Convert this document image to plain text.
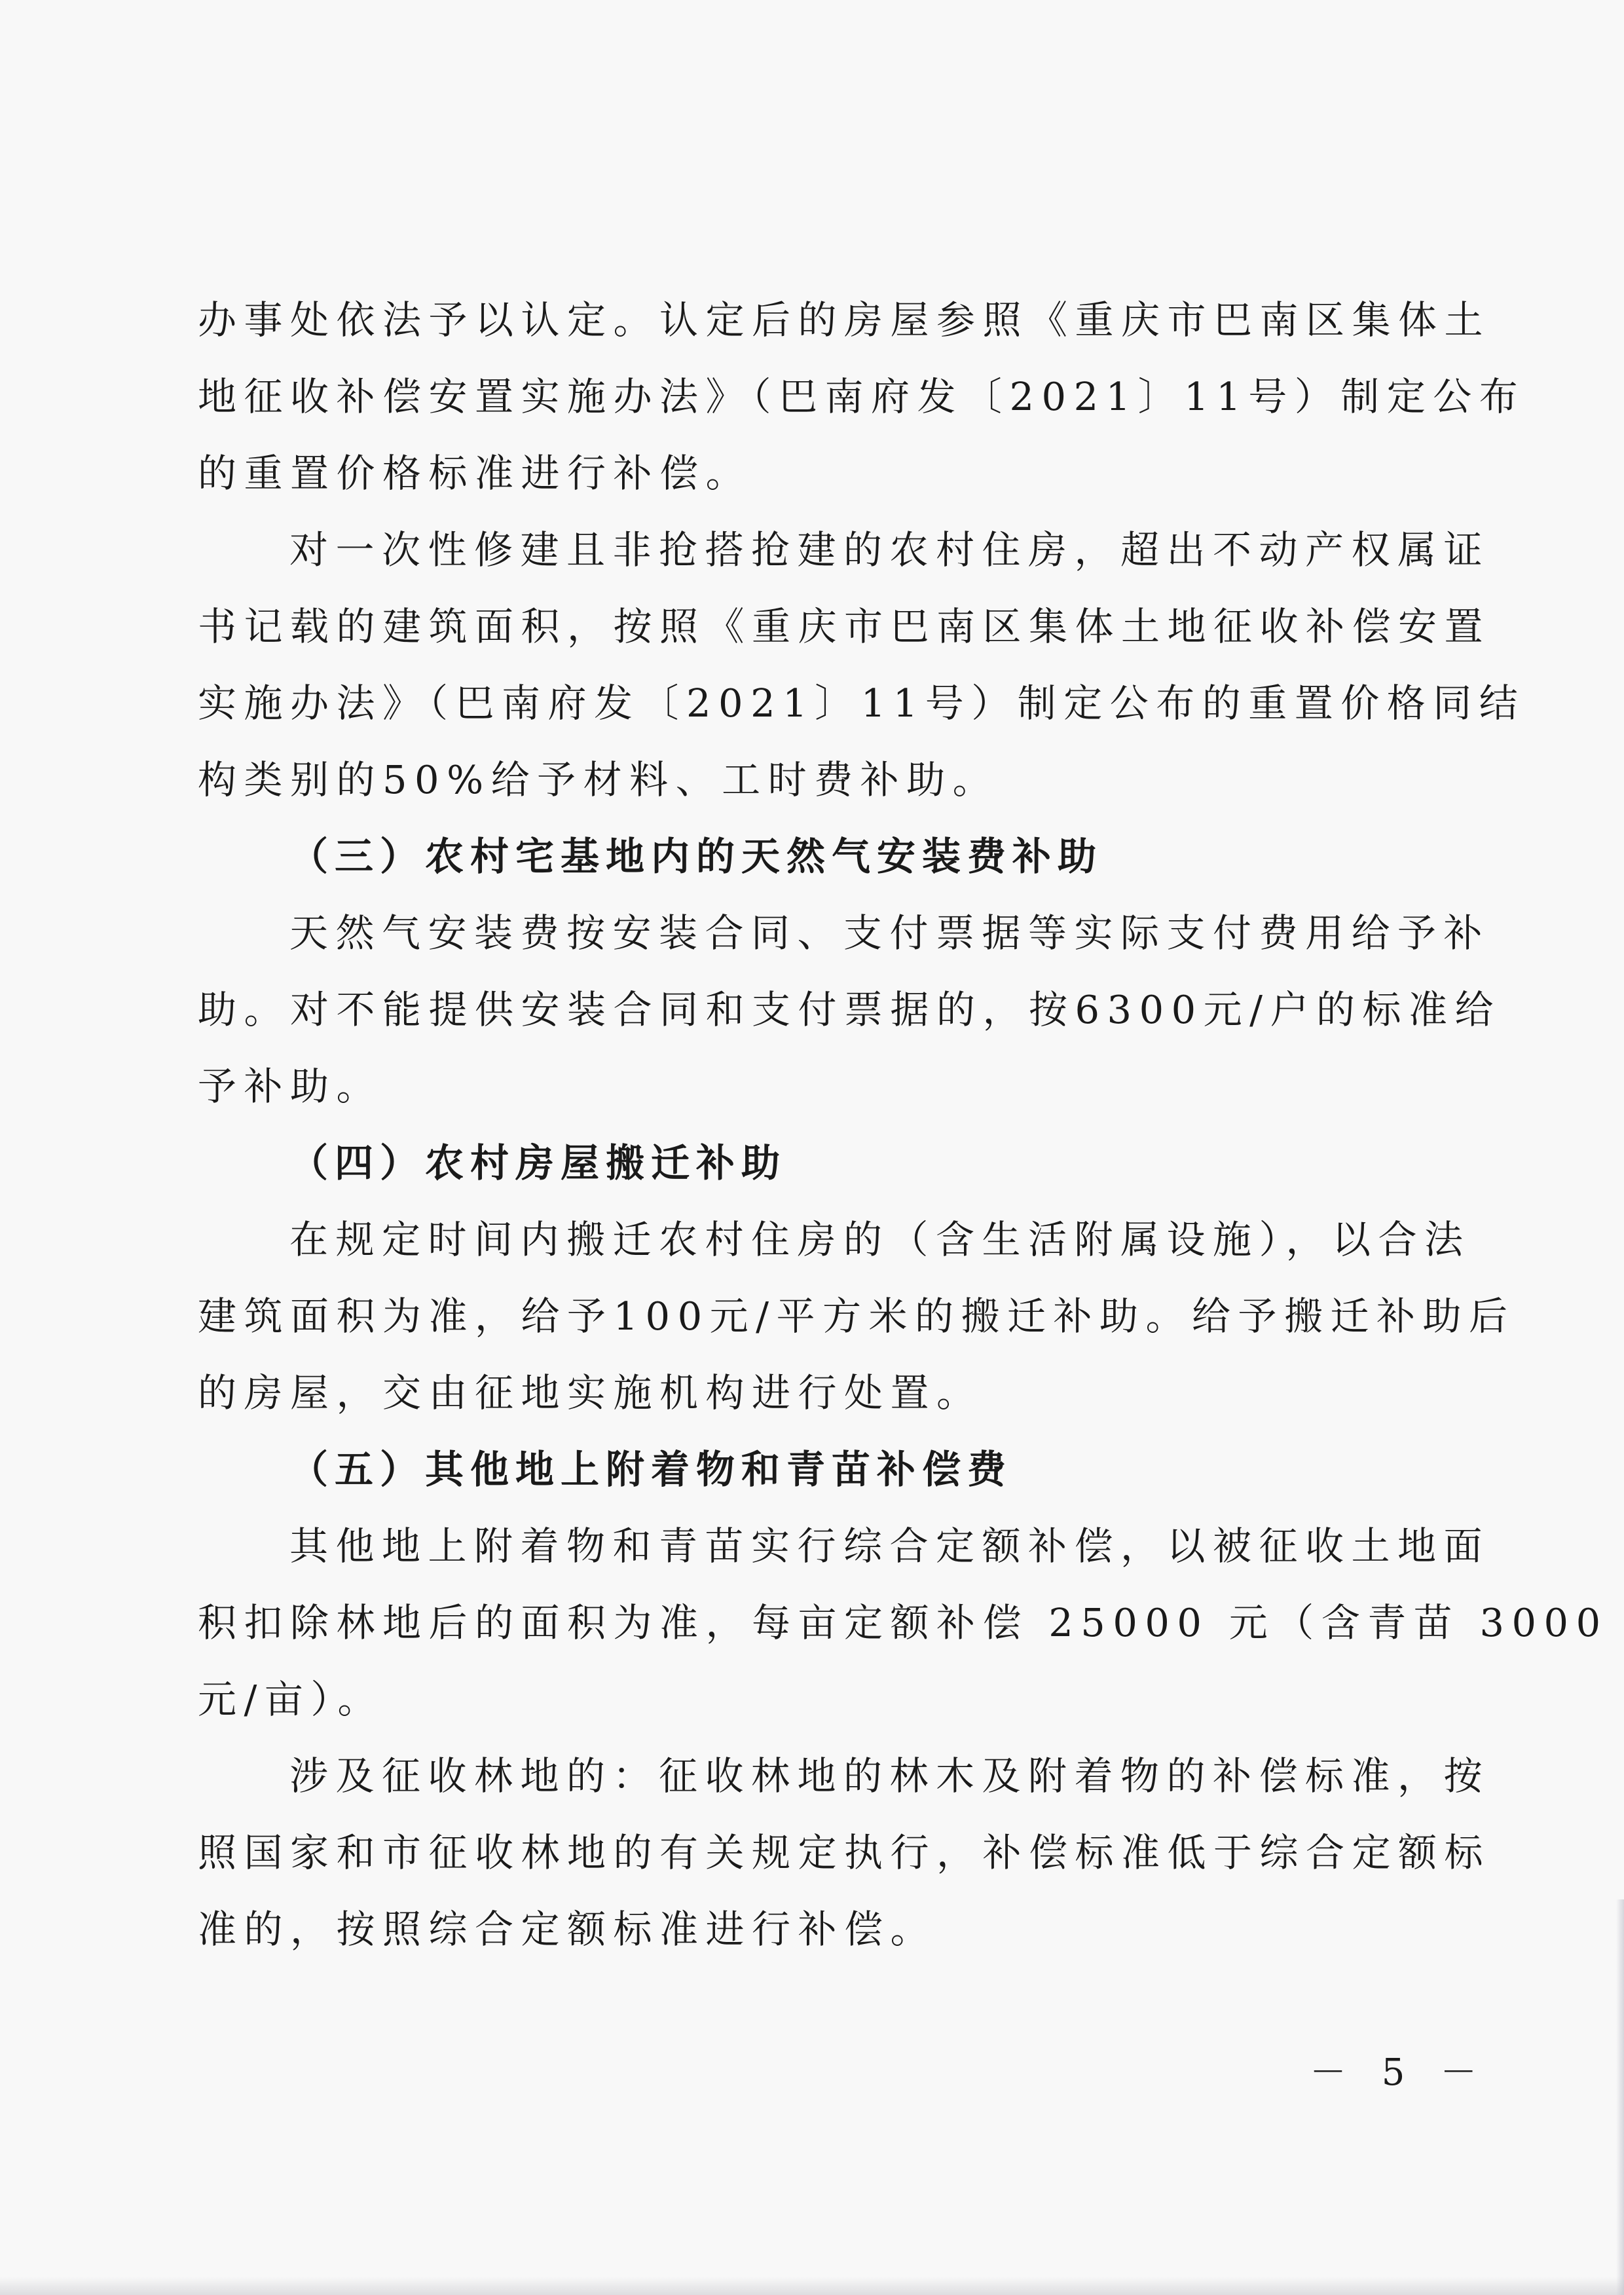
办事处依法予以认定。认定后的房屋参照《重庆市巴南区集体土
地征收补偿安置实施办法》（巴南府发〔2021〕11号）制定公布
的重置价格标准进行补偿。
对一次性修建且非抢搭抢建的农村住房，超出不动产权属证
书记载的建筑面积，按照《重庆市巴南区集体土地征收补偿安置
实施办法》（巴南府发〔2021〕11号）制定公布的重置价格同结
构类别的50%给予材料、工时费补助。
（三）农村宅基地内的天然气安装费补助
天然气安装费按安装合同、支付票据等实际支付费用给予补
助。对不能提供安装合同和支付票据的，按6300元/户的标准给
予补助。
（四）农村房屋搬迁补助
在规定时间内搬迁农村住房的（含生活附属设施），以合法
建筑面积为准，给予100元/平方米的搬迁补助。给予搬迁补助后
的房屋，交由征地实施机构进行处置。
（五）其他地上附着物和青苗补偿费
其他地上附着物和青苗实行综合定额补偿，以被征收土地面
积扣除林地后的面积为准，每亩定额补偿 25000 元（含青苗 3000
元/亩）。
涉及征收林地的：征收林地的林木及附着物的补偿标准，按
照国家和市征收林地的有关规定执行，补偿标准低于综合定额标
准的，按照综合定额标准进行补偿。
－ 5 －
